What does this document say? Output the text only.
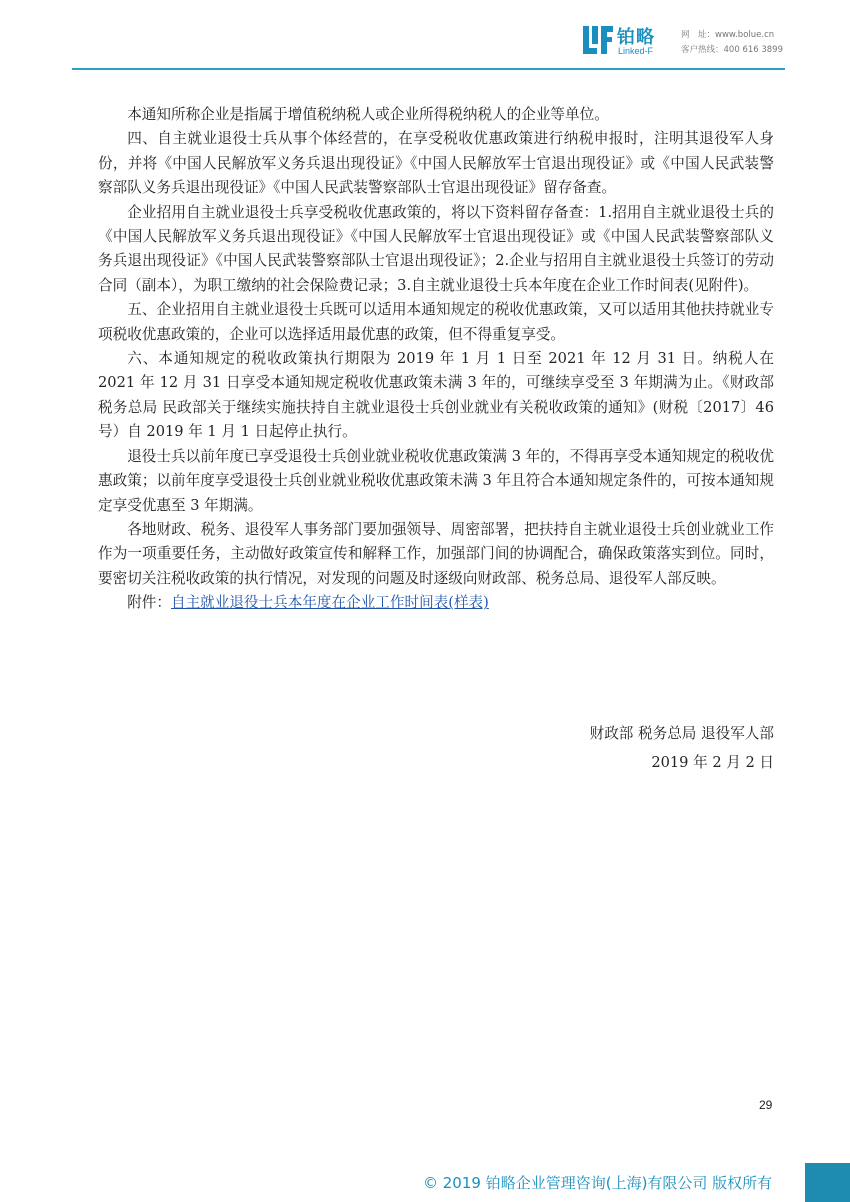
铂略
Linked-F
网　址：www.bolue.cn
客户热线：400 616 3899

本通知所称企业是指属于增值税纳税人或企业所得税纳税人的企业等单位。

四、自主就业退役士兵从事个体经营的，在享受税收优惠政策进行纳税申报时，注明其退役军人身份，并将《中国人民解放军义务兵退出现役证》《中国人民解放军士官退出现役证》或《中国人民武装警察部队义务兵退出现役证》《中国人民武装警察部队士官退出现役证》留存备查。

企业招用自主就业退役士兵享受税收优惠政策的，将以下资料留存备查：1.招用自主就业退役士兵的《中国人民解放军义务兵退出现役证》《中国人民解放军士官退出现役证》或《中国人民武装警察部队义务兵退出现役证》《中国人民武装警察部队士官退出现役证》；2.企业与招用自主就业退役士兵签订的劳动合同（副本），为职工缴纳的社会保险费记录；3.自主就业退役士兵本年度在企业工作时间表(见附件)。

五、企业招用自主就业退役士兵既可以适用本通知规定的税收优惠政策，又可以适用其他扶持就业专项税收优惠政策的，企业可以选择适用最优惠的政策，但不得重复享受。

六、本通知规定的税收政策执行期限为 2019 年 1 月 1 日至 2021 年 12 月 31 日。纳税人在 2021 年 12 月 31 日享受本通知规定税收优惠政策未满 3 年的，可继续享受至 3 年期满为止。《财政部 税务总局 民政部关于继续实施扶持自主就业退役士兵创业就业有关税收政策的通知》(财税〔2017〕46 号）自 2019 年 1 月 1 日起停止执行。

退役士兵以前年度已享受退役士兵创业就业税收优惠政策满 3 年的，不得再享受本通知规定的税收优惠政策；以前年度享受退役士兵创业就业税收优惠政策未满 3 年且符合本通知规定条件的，可按本通知规定享受优惠至 3 年期满。

各地财政、税务、退役军人事务部门要加强领导、周密部署，把扶持自主就业退役士兵创业就业工作作为一项重要任务，主动做好政策宣传和解释工作，加强部门间的协调配合，确保政策落实到位。同时，要密切关注税收政策的执行情况，对发现的问题及时逐级向财政部、税务总局、退役军人部反映。

附件：自主就业退役士兵本年度在企业工作时间表(样表)

财政部 税务总局 退役军人部
2019 年 2 月 2 日
29
© 2019 铂略企业管理咨询(上海)有限公司 版权所有
